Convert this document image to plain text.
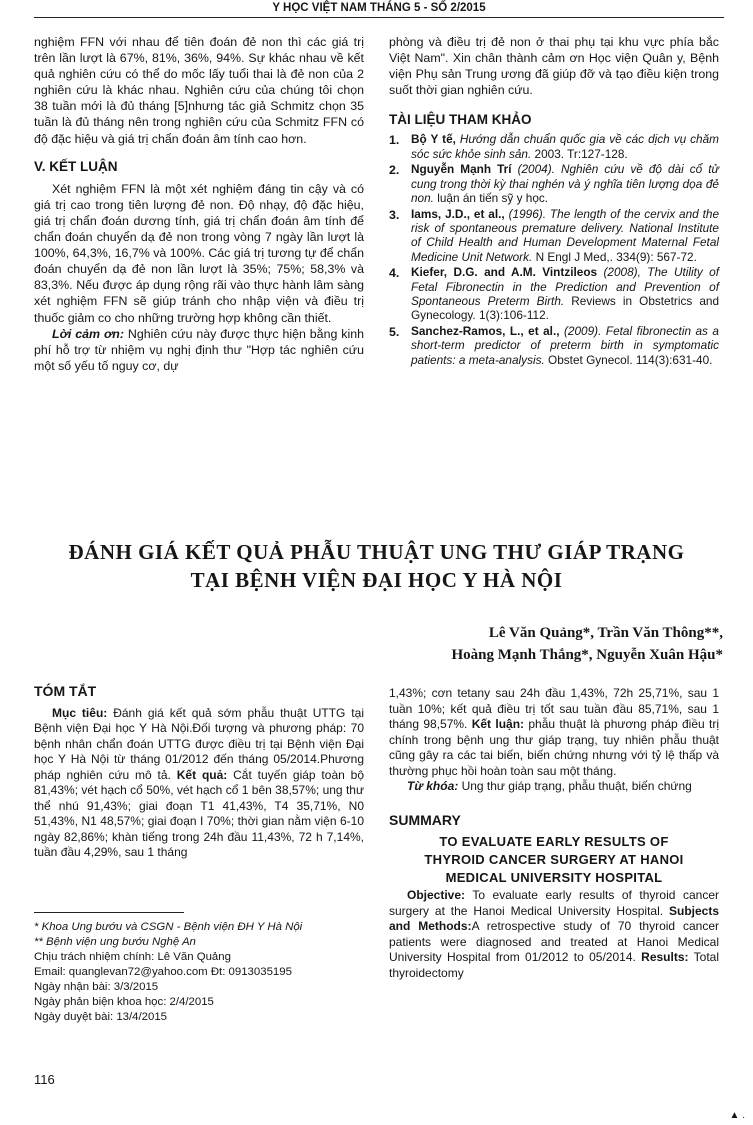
Y HỌC VIỆT NAM THÁNG 5 - SỐ 2/2015

nghiệm FFN với nhau để tiên đoán đẻ non thì các giá trị trên lần lượt là 67%, 81%, 36%, 94%. Sự khác nhau về kết quả nghiên cứu có thể do mốc lấy tuổi thai là đẻ non của 2 nghiên cứu là khác nhau. Nghiên cứu của chúng tôi chọn 38 tuần mới là đủ tháng [5]nhưng tác giả Schmitz chọn 35 tuần là đủ tháng nên trong nghiên cứu của Schmitz FFN có độ đặc hiệu và giá trị chẩn đoán âm tính cao hơn.

V. KẾT LUẬN

Xét nghiệm FFN là một xét nghiệm đáng tin cậy và có giá trị cao trong tiên lượng đẻ non. Độ nhạy, độ đặc hiệu, giá trị chẩn đoán dương tính, giá trị chẩn đoán âm tính để chẩn đoán chuyển dạ đẻ non trong vòng 7 ngày lần lượt là 100%, 64,3%, 16,7% và 100%. Các giá trị tương tự để chẩn đoán chuyển dạ đẻ non lần lượt là 35%; 75%; 58,3% và 83,3%. Nếu được áp dụng rộng rãi vào thực hành lâm sàng xét nghiệm FFN sẽ giúp tránh cho nhập viện và điều trị thuốc giảm co cho những trường hợp không cần thiết.

Lời cảm ơn: Nghiên cứu này được thực hiện bằng kinh phí hỗ trợ từ nhiệm vụ nghị định thư "Hợp tác nghiên cứu một số yếu tố nguy cơ, dự

phòng và điều trị đẻ non ở thai phụ tại khu vực phía bắc Việt Nam". Xin chân thành cảm ơn Học viện Quân y, Bệnh viện Phụ sản Trung ương đã giúp đỡ và tạo điều kiện trong suốt thời gian nghiên cứu.

TÀI LIỆU THAM KHẢO

1. Bộ Y tế, Hướng dẫn chuẩn quốc gia về các dịch vụ chăm sóc sức khỏe sinh sản. 2003. Tr:127-128.
2. Nguyễn Mạnh Trí (2004). Nghiên cứu về độ dài cổ tử cung trong thời kỳ thai nghén và ý nghĩa tiên lượng dọa đẻ non. luận án tiến sỹ y học.
3. Iams, J.D., et al., (1996). The length of the cervix and the risk of spontaneous premature delivery. National Institute of Child Health and Human Development Maternal Fetal Medicine Unit Network. N Engl J Med,. 334(9): 567-72.
4. Kiefer, D.G. and A.M. Vintzileos (2008), The Utility of Fetal Fibronectin in the Prediction and Prevention of Spontaneous Preterm Birth. Reviews in Obstetrics and Gynecology. 1(3):106-112.
5. Sanchez-Ramos, L., et al., (2009). Fetal fibronectin as a short-term predictor of preterm birth in symptomatic patients: a meta-analysis. Obstet Gynecol. 114(3):631-40.
ĐÁNH GIÁ KẾT QUẢ PHẪU THUẬT UNG THƯ GIÁP TRẠNG
TẠI BỆNH VIỆN ĐẠI HỌC Y HÀ NỘI
Lê Văn Quảng*, Trần Văn Thông**,
Hoàng Mạnh Thắng*, Nguyễn Xuân Hậu*

TÓM TẮT

Mục tiêu: Đánh giá kết quả sớm phẫu thuật UTTG tại Bệnh viện Đại học Y Hà Nội.Đối tượng và phương pháp: 70 bệnh nhân chẩn đoán UTTG được điều trị tại Bệnh viện Đại học Y Hà Nội từ tháng 01/2012 đến tháng 05/2014.Phương pháp nghiên cứu mô tả. Kết quả: Cắt tuyến giáp toàn bộ 81,43%; vét hạch cổ 50%, vét hạch cổ 1 bên 38,57%; ung thư thể nhú 91,43%; giai đoạn T1 41,43%, T4 35,71%, N0 51,43%, N1 48,57%; giai đoạn I 70%; thời gian nằm viện 6-10 ngày 82,86%; khàn tiếng trong 24h đầu 11,43%, 72 h 7,14%, tuần đầu 4,29%, sau 1 tháng

1,43%; cơn tetany sau 24h đầu 1,43%, 72h 25,71%, sau 1 tuần 10%; kết quả điều trị tốt sau tuần đầu 85,71%, sau 1 tháng 98,57%. Kết luận: phẫu thuật là phương pháp điều trị chính trong bệnh ung thư giáp trạng, tuy nhiên phẫu thuật cũng gây ra các tai biến, biến chứng nhưng với tỷ lệ thấp và thường phục hồi hoàn toàn sau một tháng.

Từ khóa: Ung thư giáp trạng, phẫu thuật, biến chứng

SUMMARY

TO EVALUATE EARLY RESULTS OF

THYROID CANCER SURGERY AT HANOI

MEDICAL UNIVERSITY HOSPITAL

Objective: To evaluate early results of thyroid cancer surgery at the Hanoi Medical University Hospital. Subjects and Methods:A retrospective study of 70 thyroid cancer patients were diagnosed and treated at Hanoi Medical University Hospital from 01/2012 to 05/2014. Results: Total thyroidectomy

* Khoa Ung bướu và CSGN - Bệnh viện ĐH Y Hà Nội
** Bệnh viện ung bướu Nghệ An
Chịu trách nhiệm chính: Lê Văn Quảng
Email: quanglevan72@yahoo.com Đt: 0913035195
Ngày nhận bài: 3/3/2015
Ngày phản biện khoa học: 2/4/2015
Ngày duyệt bài: 13/4/2015
116
▲ .
